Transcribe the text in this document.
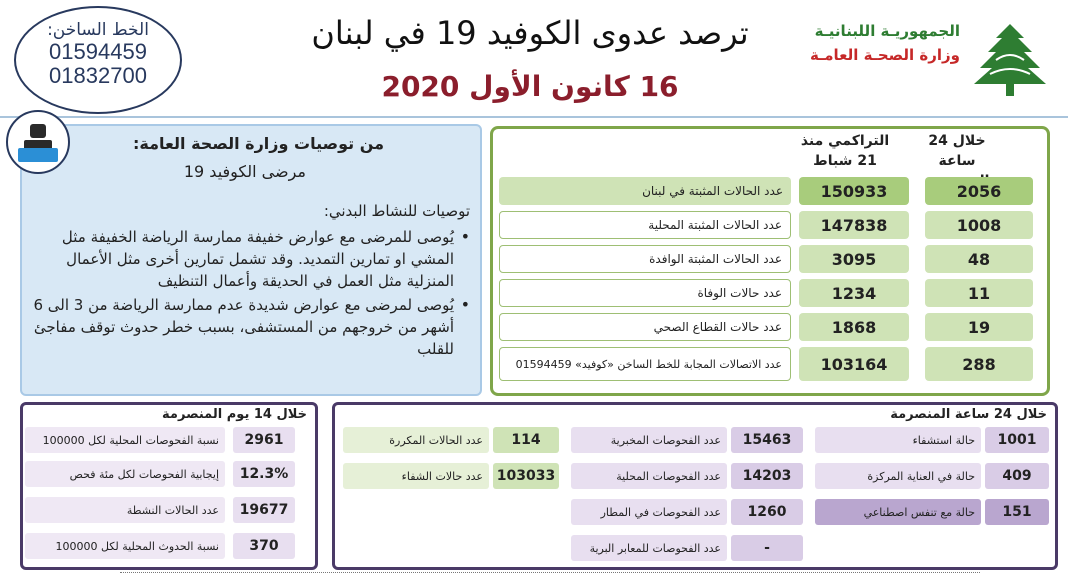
الخط الساخن:
01594459
01832700
ترصد عدوى الكوفيد 19 في لبنان
16 كانون الأول 2020
الجمهوريـة اللبنانيـة
وزارة الصحـة العامـة
من توصيات وزارة الصحة العامة:
مرضى الكوفيد 19
توصيات للنشاط البدني:
• يُوصى للمرضى مع عوارض خفيفة ممارسة الرياضة الخفيفة مثل المشي او تمارين التمديد. وقد تشمل تمارين أخرى مثل الأعمال المنزلية مثل العمل في الحديقة وأعمال التنظيف
• يُوصى لمرضى مع عوارض شديدة عدم ممارسة الرياضة من 3 الى 6 أشهر من خروجهم من المستشفى، بسبب خطر حدوث توقف مفاجئ للقلب
خلال 24 ساعة
التراكمي منذ 21 شباط
2056
150933
عدد الحالات المثبتة في لبنان
1008
147838
عدد الحالات المثبتة المحلية
48
3095
عدد الحالات المثبتة الوافدة
11
1234
عدد حالات الوفاة
19
1868
عدد حالات القطاع الصحي
288
103164
عدد الاتصالات المجابة للخط الساخن «كوفيد» 01594459
خلال 14 يوم المنصرمة
2961
نسبة الفحوصات المحلية لكل 100000
12.3%
إيجابية الفحوصات لكل مئة فحص
19677
عدد الحالات النشطة
370
نسبة الحدوث المحلية لكل 100000
خلال 24 ساعة المنصرمة
1001
حالة استشفاء
409
حالة في العناية المركزة
151
حالة مع تنفس اصطناعي
15463
عدد الفحوصات المخبرية
14203
عدد الفحوصات المحلية
1260
عدد الفحوصات في المطار
-
عدد الفحوصات للمعابر البرية
114
عدد الحالات المكررة
103033
عدد حالات الشفاء
